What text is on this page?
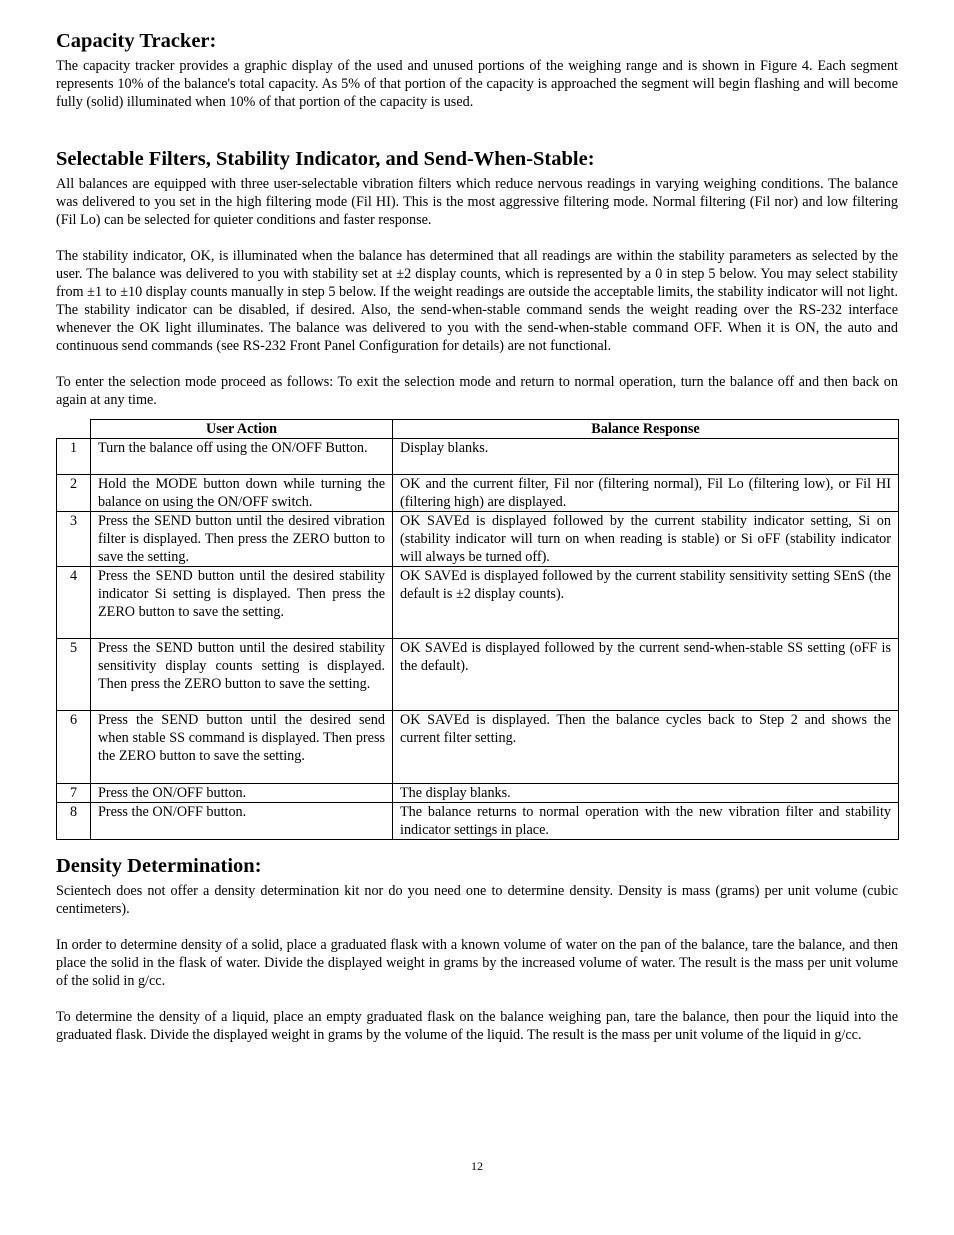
Capacity Tracker:

The capacity tracker provides a graphic display of the used and unused portions of the weighing range and is shown in Figure 4. Each segment represents 10% of the balance's total capacity. As 5% of that portion of the capacity is approached the segment will begin flashing and will become fully (solid) illuminated when 10% of that portion of the capacity is used.

Selectable Filters, Stability Indicator, and Send-When-Stable:

All balances are equipped with three user-selectable vibration filters which reduce nervous readings in varying weighing conditions. The balance was delivered to you set in the high filtering mode (Fil HI). This is the most aggressive filtering mode. Normal filtering (Fil nor) and low filtering (Fil Lo) can be selected for quieter conditions and faster response.

The stability indicator, OK, is illuminated when the balance has determined that all readings are within the stability parameters as selected by the user. The balance was delivered to you with stability set at ±2 display counts, which is represented by a 0 in step 5 below. You may select stability from ±1 to ±10 display counts manually in step 5 below. If the weight readings are outside the acceptable limits, the stability indicator will not light. The stability indicator can be disabled, if desired. Also, the send-when-stable command sends the weight reading over the RS-232 interface whenever the OK light illuminates. The balance was delivered to you with the send-when-stable command OFF. When it is ON, the auto and continuous send commands (see RS-232 Front Panel Configuration for details) are not functional.

To enter the selection mode proceed as follows: To exit the selection mode and return to normal operation, turn the balance off and then back on again at any time.

	User Action	Balance Response
1	Turn the balance off using the ON/OFF Button.	Display blanks.
2	Hold the MODE button down while turning the balance on using the ON/OFF switch.	OK and the current filter, Fil nor (filtering normal), Fil Lo (filtering low), or Fil HI (filtering high) are displayed.
3	Press the SEND button until the desired vibration filter is displayed. Then press the ZERO button to save the setting.	OK SAVEd is displayed followed by the current stability indicator setting, Si on (stability indicator will turn on when reading is stable) or Si oFF (stability indicator will always be turned off).
4	Press the SEND button until the desired stability indicator Si setting is displayed. Then press the ZERO button to save the setting.	OK SAVEd is displayed followed by the current stability sensitivity setting SEnS (the default is ±2 display counts).
5	Press the SEND button until the desired stability sensitivity display counts setting is displayed. Then press the ZERO button to save the setting.	OK SAVEd is displayed followed by the current send-when-stable SS setting (oFF is the default).
6	Press the SEND button until the desired send when stable SS command is displayed. Then press the ZERO button to save the setting.	OK SAVEd is displayed. Then the balance cycles back to Step 2 and shows the current filter setting.
7	Press the ON/OFF button.	The display blanks.
8	Press the ON/OFF button.	The balance returns to normal operation with the new vibration filter and stability indicator settings in place.
Density Determination:

Scientech does not offer a density determination kit nor do you need one to determine density. Density is mass (grams) per unit volume (cubic centimeters).

In order to determine density of a solid, place a graduated flask with a known volume of water on the pan of the balance, tare the balance, and then place the solid in the flask of water. Divide the displayed weight in grams by the increased volume of water. The result is the mass per unit volume of the solid in g/cc.

To determine the density of a liquid, place an empty graduated flask on the balance weighing pan, tare the balance, then pour the liquid into the graduated flask. Divide the displayed weight in grams by the volume of the liquid. The result is the mass per unit volume of the liquid in g/cc.

12
